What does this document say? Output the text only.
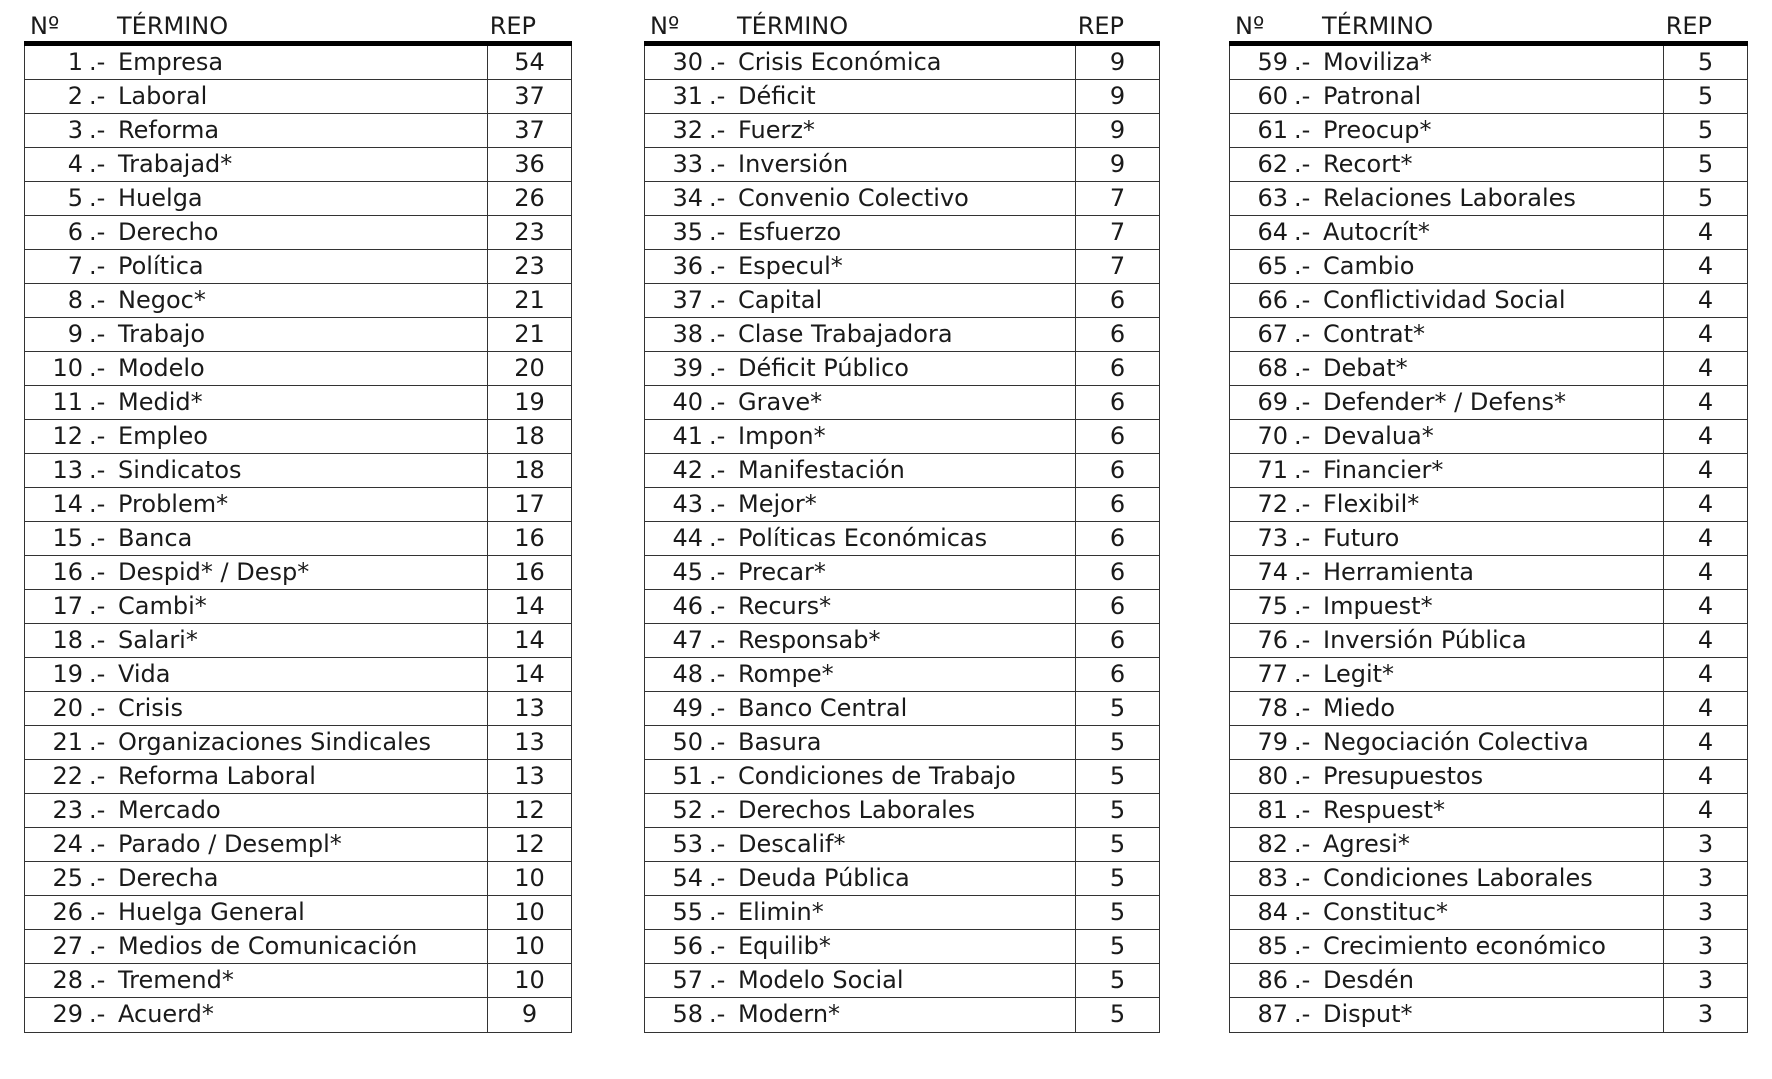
Nº TÉRMINO	REP
1 .- Empresa	54
2 .- Laboral	37
3 .- Reforma	37
4 .- Trabajad*	36
5 .- Huelga	26
6 .- Derecho	23
7 .- Política	23
8 .- Negoc*	21
9 .- Trabajo	21
10 .- Modelo	20
11 .- Medid*	19
12 .- Empleo	18
13 .- Sindicatos	18
14 .- Problem*	17
15 .- Banca	16
16 .- Despid* / Desp*	16
17 .- Cambi*	14
18 .- Salari*	14
19 .- Vida	14
20 .- Crisis	13
21 .- Organizaciones Sindicales	13
22 .- Reforma Laboral	13
23 .- Mercado	12
24 .- Parado / Desempl*	12
25 .- Derecha	10
26 .- Huelga General	10
27 .- Medios de Comunicación	10
28 .- Tremend*	10
29 .- Acuerd*	9
Nº TÉRMINO	REP
30 .- Crisis Económica	9
31 .- Déficit	9
32 .- Fuerz*	9
33 .- Inversión	9
34 .- Convenio Colectivo	7
35 .- Esfuerzo	7
36 .- Especul*	7
37 .- Capital	6
38 .- Clase Trabajadora	6
39 .- Déficit Público	6
40 .- Grave*	6
41 .- Impon*	6
42 .- Manifestación	6
43 .- Mejor*	6
44 .- Políticas Económicas	6
45 .- Precar*	6
46 .- Recurs*	6
47 .- Responsab*	6
48 .- Rompe*	6
49 .- Banco Central	5
50 .- Basura	5
51 .- Condiciones de Trabajo	5
52 .- Derechos Laborales	5
53 .- Descalif*	5
54 .- Deuda Pública	5
55 .- Elimin*	5
56 .- Equilib*	5
57 .- Modelo Social	5
58 .- Modern*	5
Nº TÉRMINO	REP
59 .- Moviliza*	5
60 .- Patronal	5
61 .- Preocup*	5
62 .- Recort*	5
63 .- Relaciones Laborales	5
64 .- Autocrít*	4
65 .- Cambio	4
66 .- Conflictividad Social	4
67 .- Contrat*	4
68 .- Debat*	4
69 .- Defender* / Defens*	4
70 .- Devalua*	4
71 .- Financier*	4
72 .- Flexibil*	4
73 .- Futuro	4
74 .- Herramienta	4
75 .- Impuest*	4
76 .- Inversión Pública	4
77 .- Legit*	4
78 .- Miedo	4
79 .- Negociación Colectiva	4
80 .- Presupuestos	4
81 .- Respuest*	4
82 .- Agresi*	3
83 .- Condiciones Laborales	3
84 .- Constituc*	3
85 .- Crecimiento económico	3
86 .- Desdén	3
87 .- Disput*	3
